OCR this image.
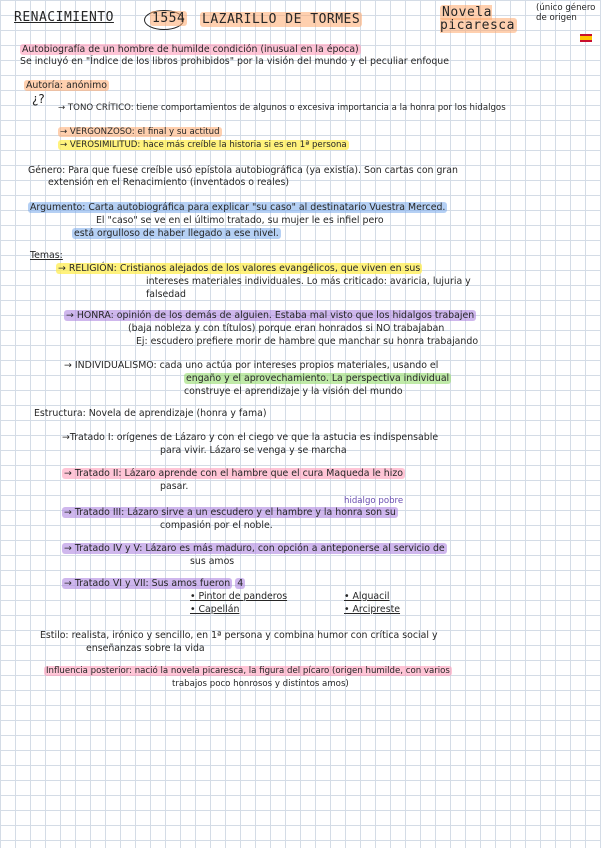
RENACIMIENTO	1554 LAZARILLO DE TORMES	Novela picaresca
(único género de origen
Autobiografía de un hombre de humilde condición (inusual en la época)
Se incluyó en "Índice de los libros prohibidos" por la visión del mundo y el peculiar enfoque
Autoría: anónimo
¿?
→ TONO CRÍTICO: tiene comportamientos de algunos o excesiva importancia a la honra por los hidalgos
→ VERGONZOSO: el final y su actitud
→ VEROSIMILITUD: hace más creíble la historia si es en 1ª persona
Género: Para que fuese creíble usó epístola autobiográfica (ya existía). Son cartas con gran
extensión en el Renacimiento (inventados o reales)
Argumento: Carta autobiográfica para explicar "su caso" al destinatario Vuestra Merced.
El "caso" se ve en el último tratado, su mujer le es infiel pero
está orgulloso de haber llegado a ese nivel.
Temas:
→ RELIGIÓN: Cristianos alejados de los valores evangélicos, que viven en sus
intereses materiales individuales. Lo más criticado: avaricia, lujuria y
falsedad
→ HONRA: opinión de los demás de alguien. Estaba mal visto que los hidalgos trabajen
(baja nobleza y con títulos) porque eran honrados si NO trabajaban
Ej: escudero prefiere morir de hambre que manchar su honra trabajando
→ INDIVIDUALISMO: cada uno actúa por intereses propios materiales, usando el
engaño y el aprovechamiento. La perspectiva individual
construye el aprendizaje y la visión del mundo
Estructura: Novela de aprendizaje (honra y fama)
→Tratado I: orígenes de Lázaro y con el ciego ve que la astucia es indispensable
para vivir. Lázaro se venga y se marcha
→ Tratado II: Lázaro aprende con el hambre que el cura Maqueda le hizo
pasar.
hidalgo pobre
→ Tratado III: Lázaro sirve a un escudero y el hambre y la honra son su
compasión por el noble.
→ Tratado IV y V: Lázaro es más maduro, con opción a anteponerse al servicio de
sus amos
→ Tratado VI y VII: Sus amos fueron 4
• Pintor de panderos
• Capellán
• Alguacil
• Arcipreste
Estilo: realista, irónico y sencillo, en 1ª persona y combina humor con crítica social y
enseñanzas sobre la vida
Influencia posterior: nació la novela picaresca, la figura del pícaro (origen humilde, con varios
trabajos poco honrosos y distintos amos)
